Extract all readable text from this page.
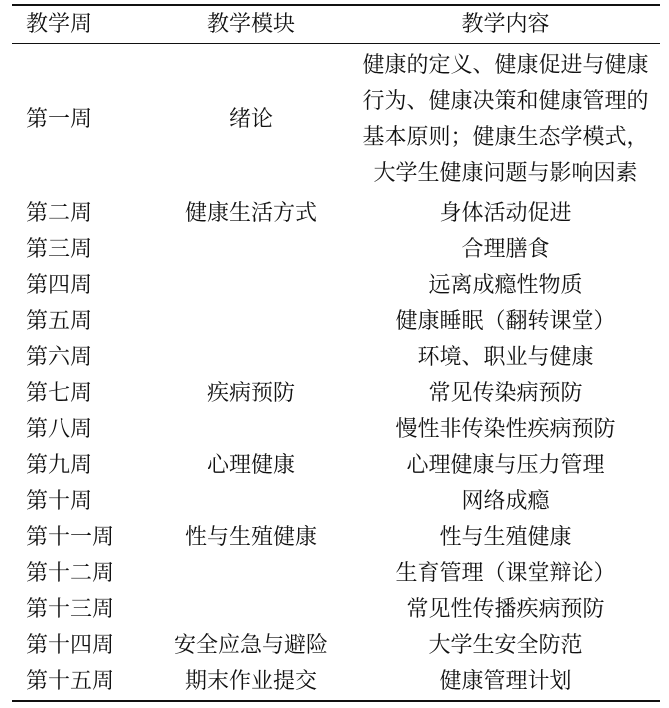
教学周	教学模块	教学内容
第一周	绪论	健康的定义、健康促进与健康
行为、健康决策和健康管理的
基本原则；健康生态学模式，
大学生健康问题与影响因素

第二周	健康生活方式	身体活动促进

第三周		合理膳食

第四周		远离成瘾性物质

第五周		健康睡眠（翻转课堂）

第六周		环境、职业与健康

第七周	疾病预防	常见传染病预防

第八周		慢性非传染性疾病预防

第九周	心理健康	心理健康与压力管理

第十周		网络成瘾

第十一周	性与生殖健康	性与生殖健康

第十二周		生育管理（课堂辩论）

第十三周		常见性传播疾病预防

第十四周	安全应急与避险	大学生安全防范

第十五周	期末作业提交	健康管理计划
